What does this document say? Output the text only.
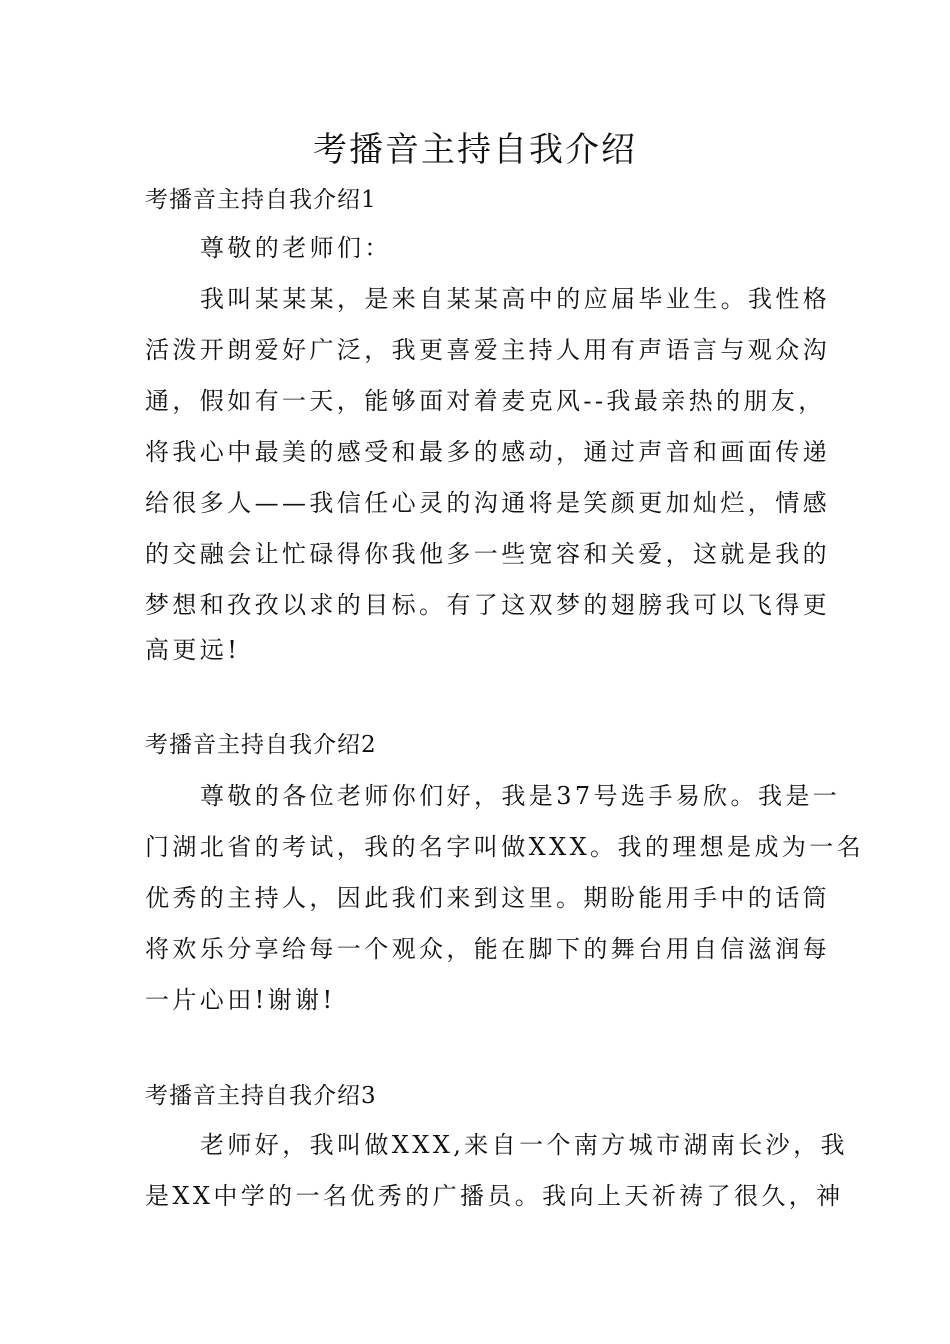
考播音主持自我介绍
考播音主持自我介绍1
尊敬的老师们：
我叫某某某，是来自某某高中的应届毕业生。我性格
活泼开朗爱好广泛，我更喜爱主持人用有声语言与观众沟
通，假如有一天，能够面对着麦克风--我最亲热的朋友，
将我心中最美的感受和最多的感动，通过声音和画面传递
给很多人——我信任心灵的沟通将是笑颜更加灿烂，情感
的交融会让忙碌得你我他多一些宽容和关爱，这就是我的
梦想和孜孜以求的目标。有了这双梦的翅膀我可以飞得更
高更远!
考播音主持自我介绍2
尊敬的各位老师你们好，我是37号选手易欣。我是一
门湖北省的考试，我的名字叫做XXX。我的理想是成为一名
优秀的主持人，因此我们来到这里。期盼能用手中的话筒
将欢乐分享给每一个观众，能在脚下的舞台用自信滋润每
一片心田!谢谢!
考播音主持自我介绍3
老师好，我叫做XXX,来自一个南方城市湖南长沙，我
是XX中学的一名优秀的广播员。我向上天祈祷了很久，神
